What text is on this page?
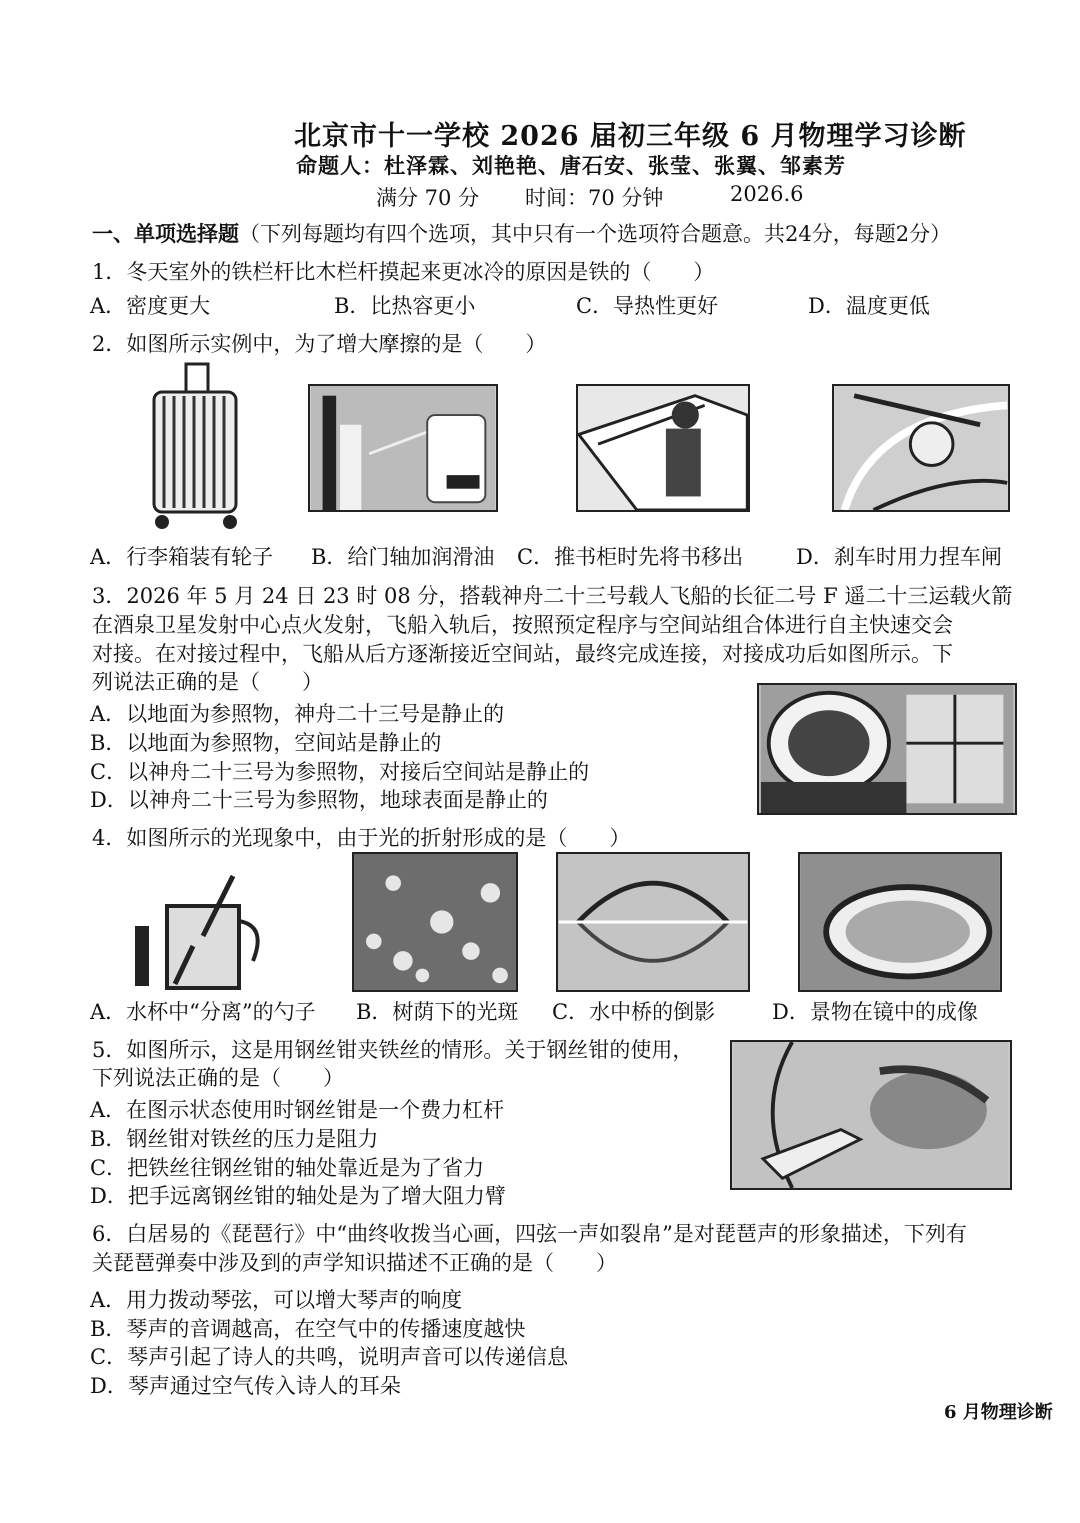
北京市十一学校 2026 届初三年级 6 月物理学习诊断
命题人：杜泽霖、刘艳艳、唐石安、张莹、张翼、邹素芳
满分 70 分 时间：70 分钟	2026.6
一、单项选择题（下列每题均有四个选项，其中只有一个选项符合题意。共24分，每题2分）
1．冬天室外的铁栏杆比木栏杆摸起来更冰冷的原因是铁的（　　）
A．密度更大	B．比热容更小	C．导热性更好	D．温度更低
2．如图所示实例中，为了增大摩擦的是（　　）
A．行李箱装有轮子 B．给门轴加润滑油 C．推书柜时先将书移出	D．刹车时用力捏车闸
3．2026 年 5 月 24 日 23 时 08 分，搭载神舟二十三号载人飞船的长征二号 F 遥二十三运载火箭
在酒泉卫星发射中心点火发射，飞船入轨后，按照预定程序与空间站组合体进行自主快速交会
对接。在对接过程中，飞船从后方逐渐接近空间站，最终完成连接，对接成功后如图所示。下
列说法正确的是（　　）
A．以地面为参照物，神舟二十三号是静止的
B．以地面为参照物，空间站是静止的
C．以神舟二十三号为参照物，对接后空间站是静止的
D．以神舟二十三号为参照物，地球表面是静止的
4．如图所示的光现象中，由于光的折射形成的是（　　）
A．水杯中“分离”的勺子 B．树荫下的光斑 C．水中桥的倒影	D．景物在镜中的成像
5．如图所示，这是用钢丝钳夹铁丝的情形。关于钢丝钳的使用，
下列说法正确的是（　　）
A．在图示状态使用时钢丝钳是一个费力杠杆
B．钢丝钳对铁丝的压力是阻力
C．把铁丝往钢丝钳的轴处靠近是为了省力
D．把手远离钢丝钳的轴处是为了增大阻力臂
6．白居易的《琵琶行》中“曲终收拨当心画，四弦一声如裂帛”是对琵琶声的形象描述，下列有
关琵琶弹奏中涉及到的声学知识描述不正确的是（　　）
A．用力拨动琴弦，可以增大琴声的响度
B．琴声的音调越高，在空气中的传播速度越快
C．琴声引起了诗人的共鸣，说明声音可以传递信息
D．琴声通过空气传入诗人的耳朵
6 月物理诊断
